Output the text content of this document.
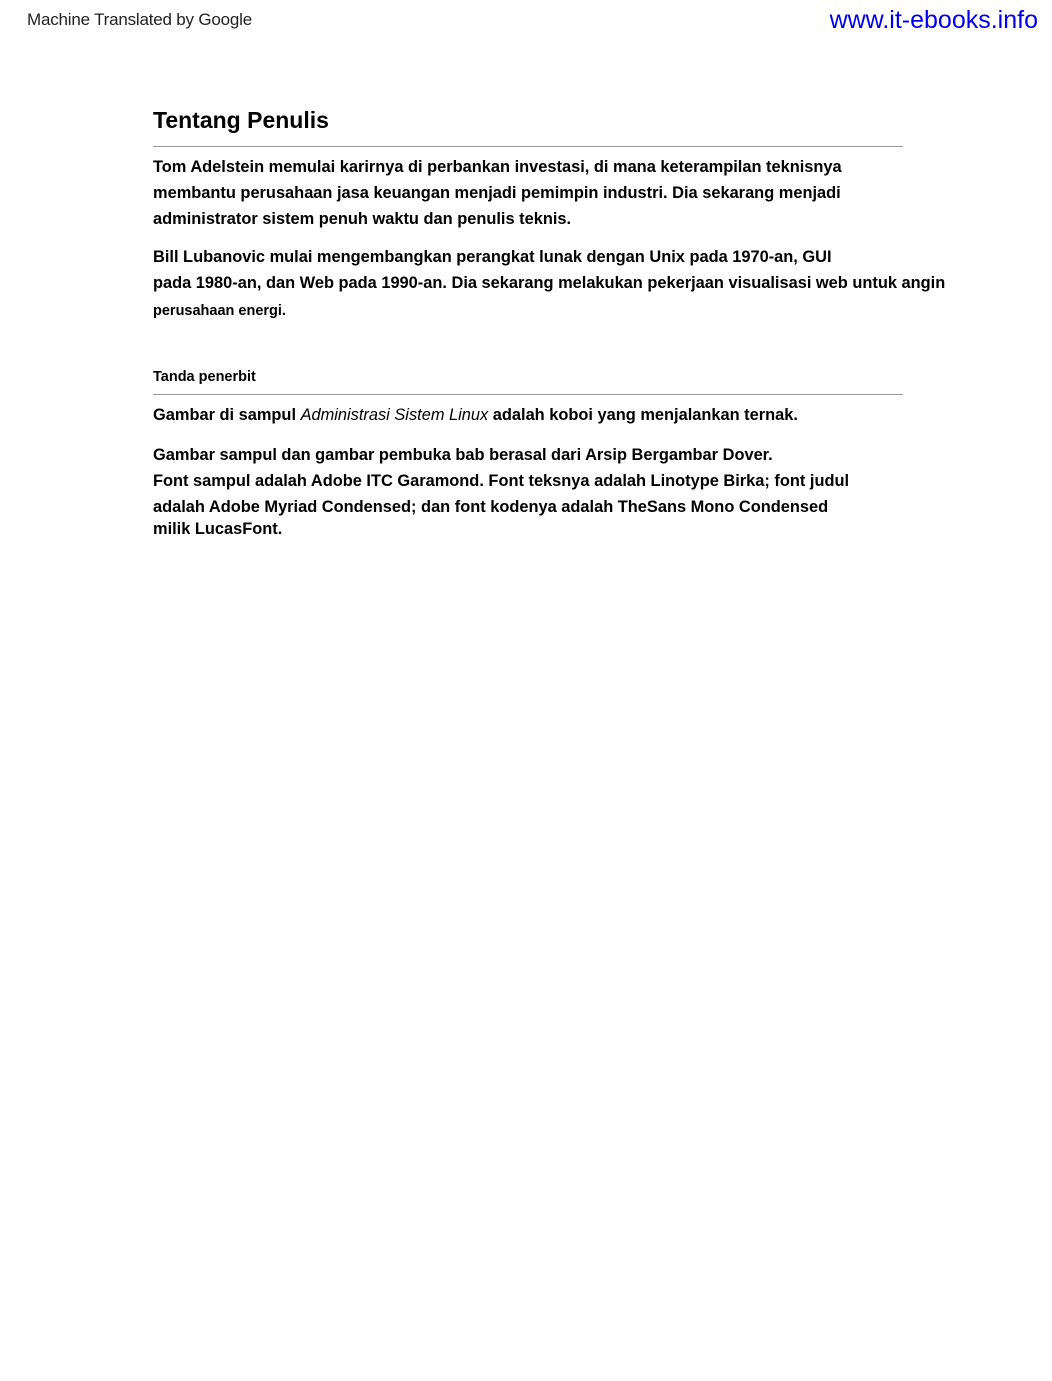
Machine Translated by Google	www.it-ebooks.info
Tentang Penulis

Tom Adelstein memulai karirnya di perbankan investasi, di mana keterampilan teknisnya

membantu perusahaan jasa keuangan menjadi pemimpin industri. Dia sekarang menjadi

administrator sistem penuh waktu dan penulis teknis.

Bill Lubanovic mulai mengembangkan perangkat lunak dengan Unix pada 1970-an, GUI

pada 1980-an, dan Web pada 1990-an. Dia sekarang melakukan pekerjaan visualisasi web untuk angin

perusahaan energi.

Tanda penerbit

Gambar di sampul Administrasi Sistem Linux adalah koboi yang menjalankan ternak.

Gambar sampul dan gambar pembuka bab berasal dari Arsip Bergambar Dover.

Font sampul adalah Adobe ITC Garamond. Font teksnya adalah Linotype Birka; font judul

adalah Adobe Myriad Condensed; dan font kodenya adalah TheSans Mono Condensed

milik LucasFont.
